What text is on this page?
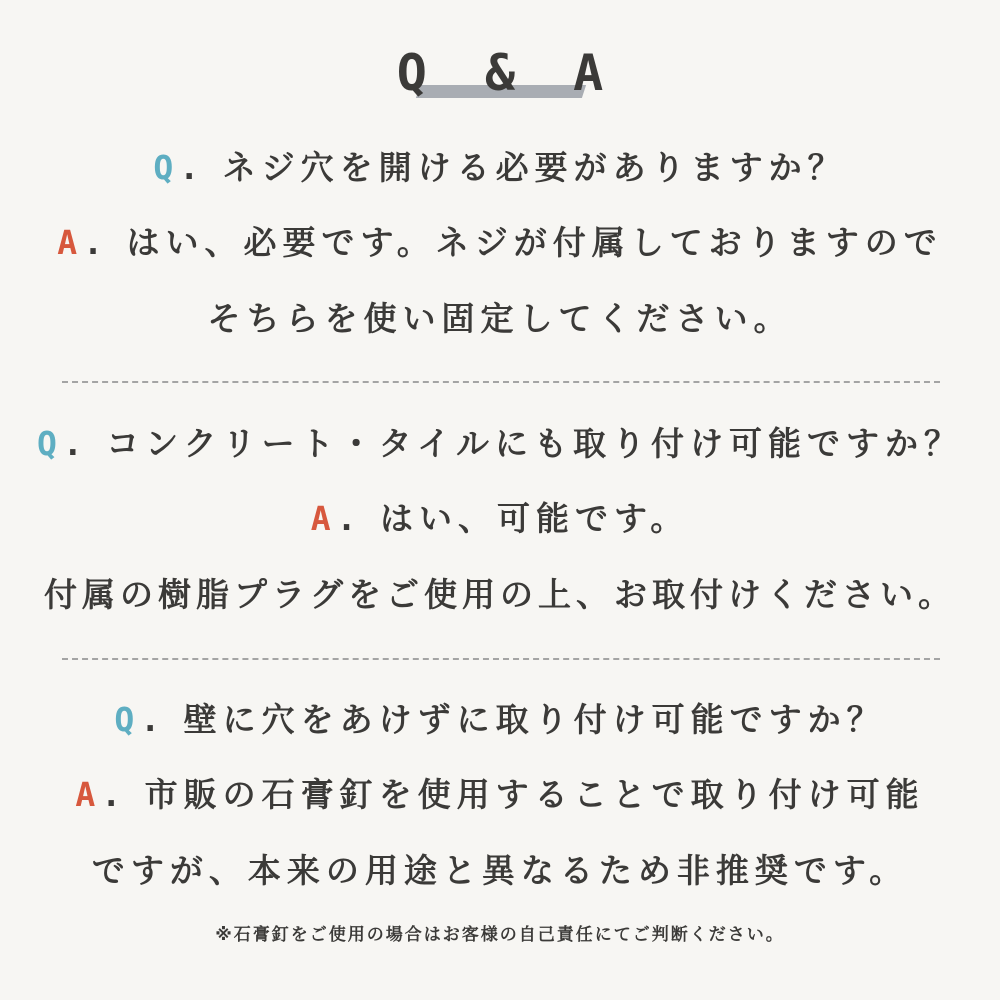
Q & A
Q. ネジ穴を開ける必要がありますか？
A. はい、必要です。ネジが付属しておりますので
そちらを使い固定してください。
Q. コンクリート・タイルにも取り付け可能ですか？
A. はい、可能です。
付属の樹脂プラグをご使用の上、お取付けください。
Q. 壁に穴をあけずに取り付け可能ですか？
A. 市販の石膏釘を使用することで取り付け可能
ですが、本来の用途と異なるため非推奨です。
※石膏釘をご使用の場合はお客様の自己責任にてご判断ください。
